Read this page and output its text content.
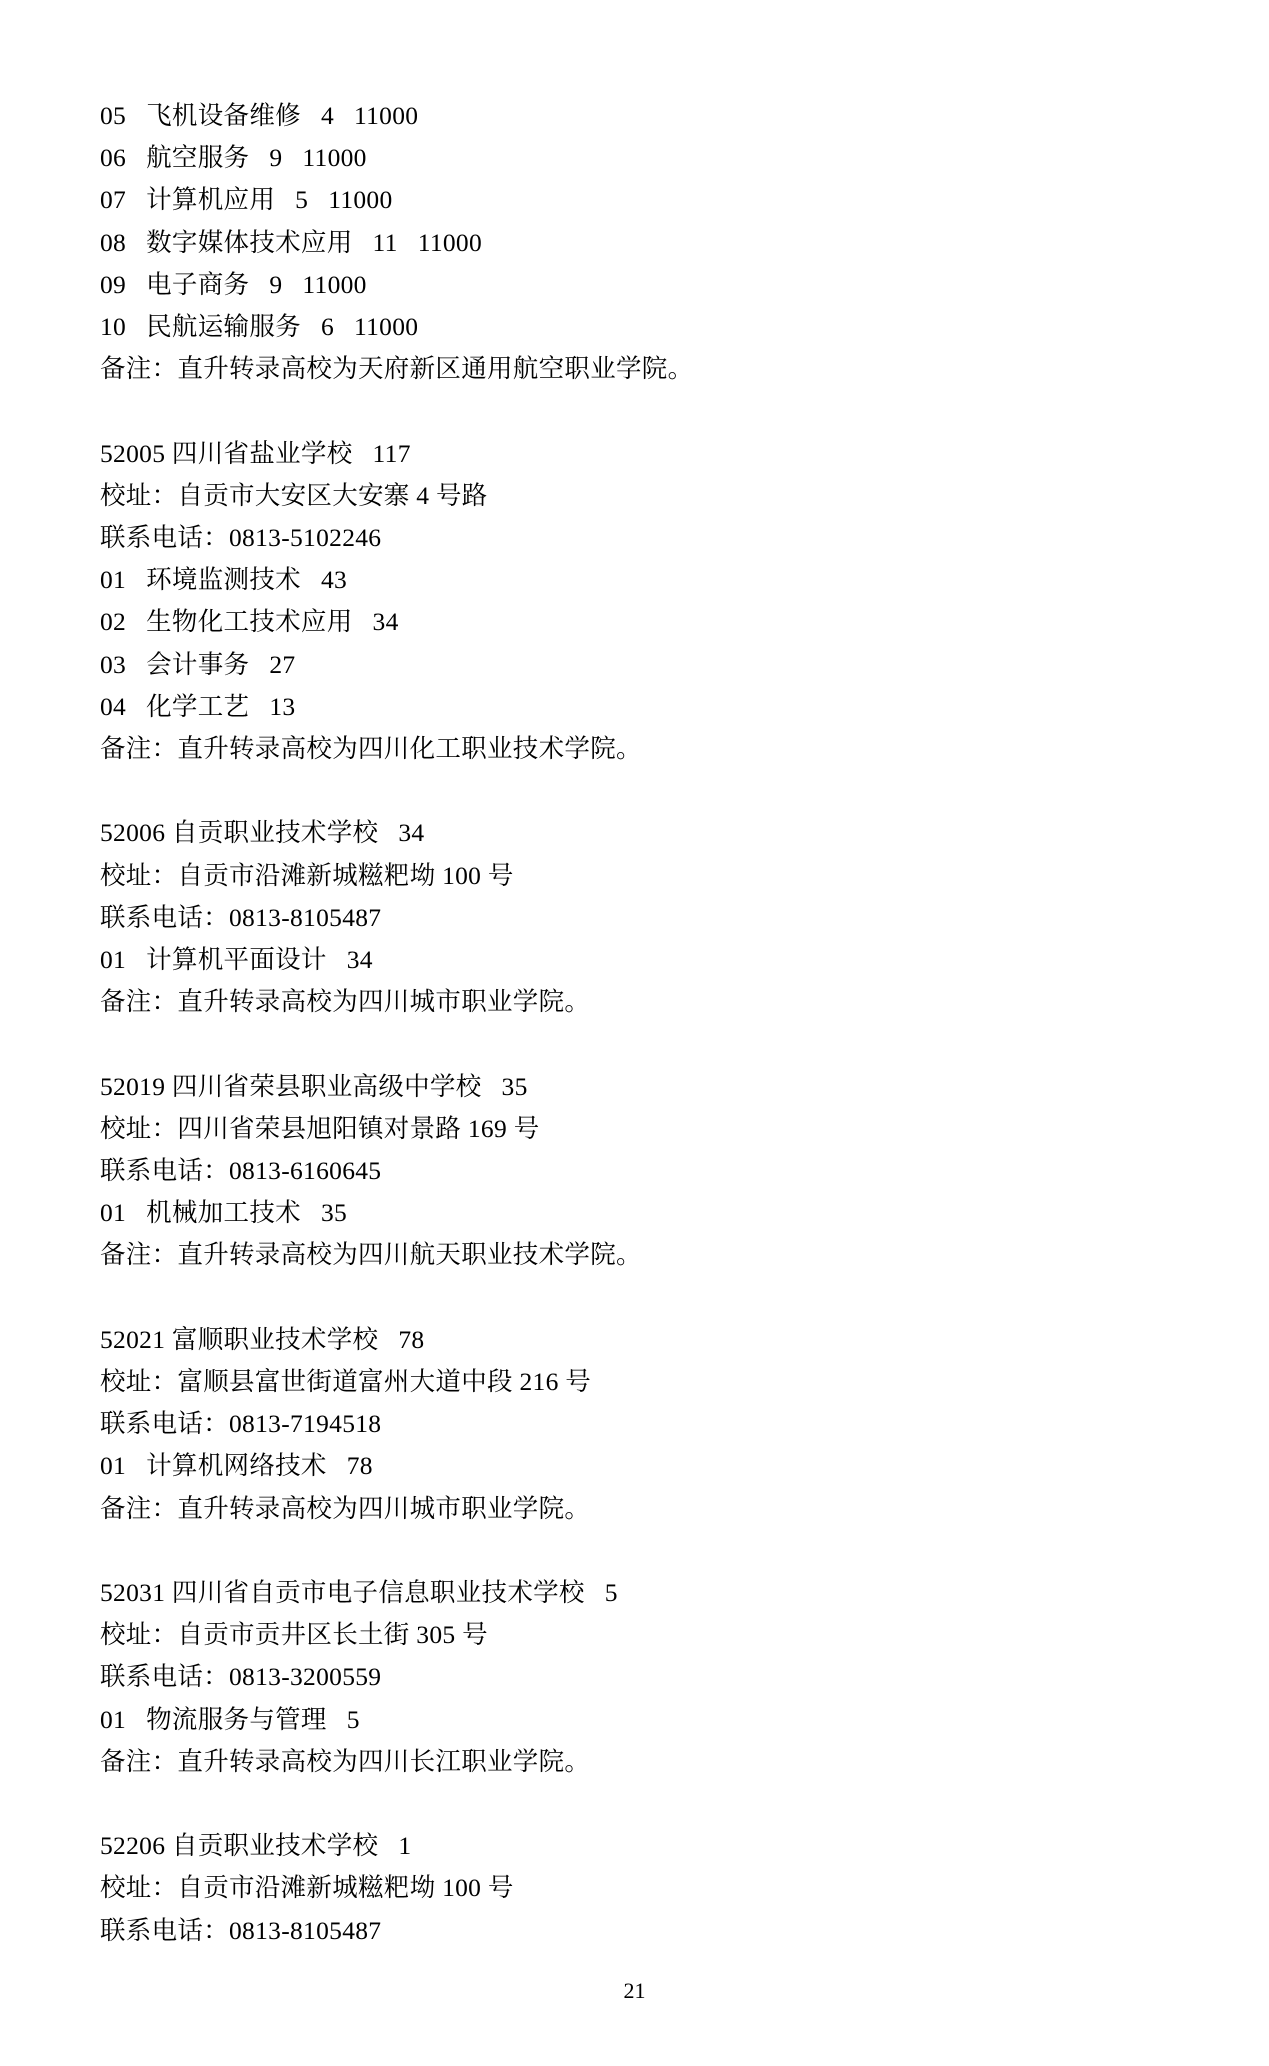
05   飞机设备维修   4   11000
06   航空服务   9   11000
07   计算机应用   5   11000
08   数字媒体技术应用   11   11000
09   电子商务   9   11000
10   民航运输服务   6   11000
备注：直升转录高校为天府新区通用航空职业学院。
52005 四川省盐业学校   117
校址：自贡市大安区大安寨 4 号路
联系电话：0813-5102246
01   环境监测技术   43
02   生物化工技术应用   34
03   会计事务   27
04   化学工艺   13
备注：直升转录高校为四川化工职业技术学院。
52006 自贡职业技术学校   34
校址：自贡市沿滩新城糍粑坳 100 号
联系电话：0813-8105487
01   计算机平面设计   34
备注：直升转录高校为四川城市职业学院。
52019 四川省荣县职业高级中学校   35
校址：四川省荣县旭阳镇对景路 169 号
联系电话：0813-6160645
01   机械加工技术   35
备注：直升转录高校为四川航天职业技术学院。
52021 富顺职业技术学校   78
校址：富顺县富世街道富州大道中段 216 号
联系电话：0813-7194518
01   计算机网络技术   78
备注：直升转录高校为四川城市职业学院。
52031 四川省自贡市电子信息职业技术学校   5
校址：自贡市贡井区长土街 305 号
联系电话：0813-3200559
01   物流服务与管理   5
备注：直升转录高校为四川长江职业学院。
52206 自贡职业技术学校   1
校址：自贡市沿滩新城糍粑坳 100 号
联系电话：0813-8105487
21
